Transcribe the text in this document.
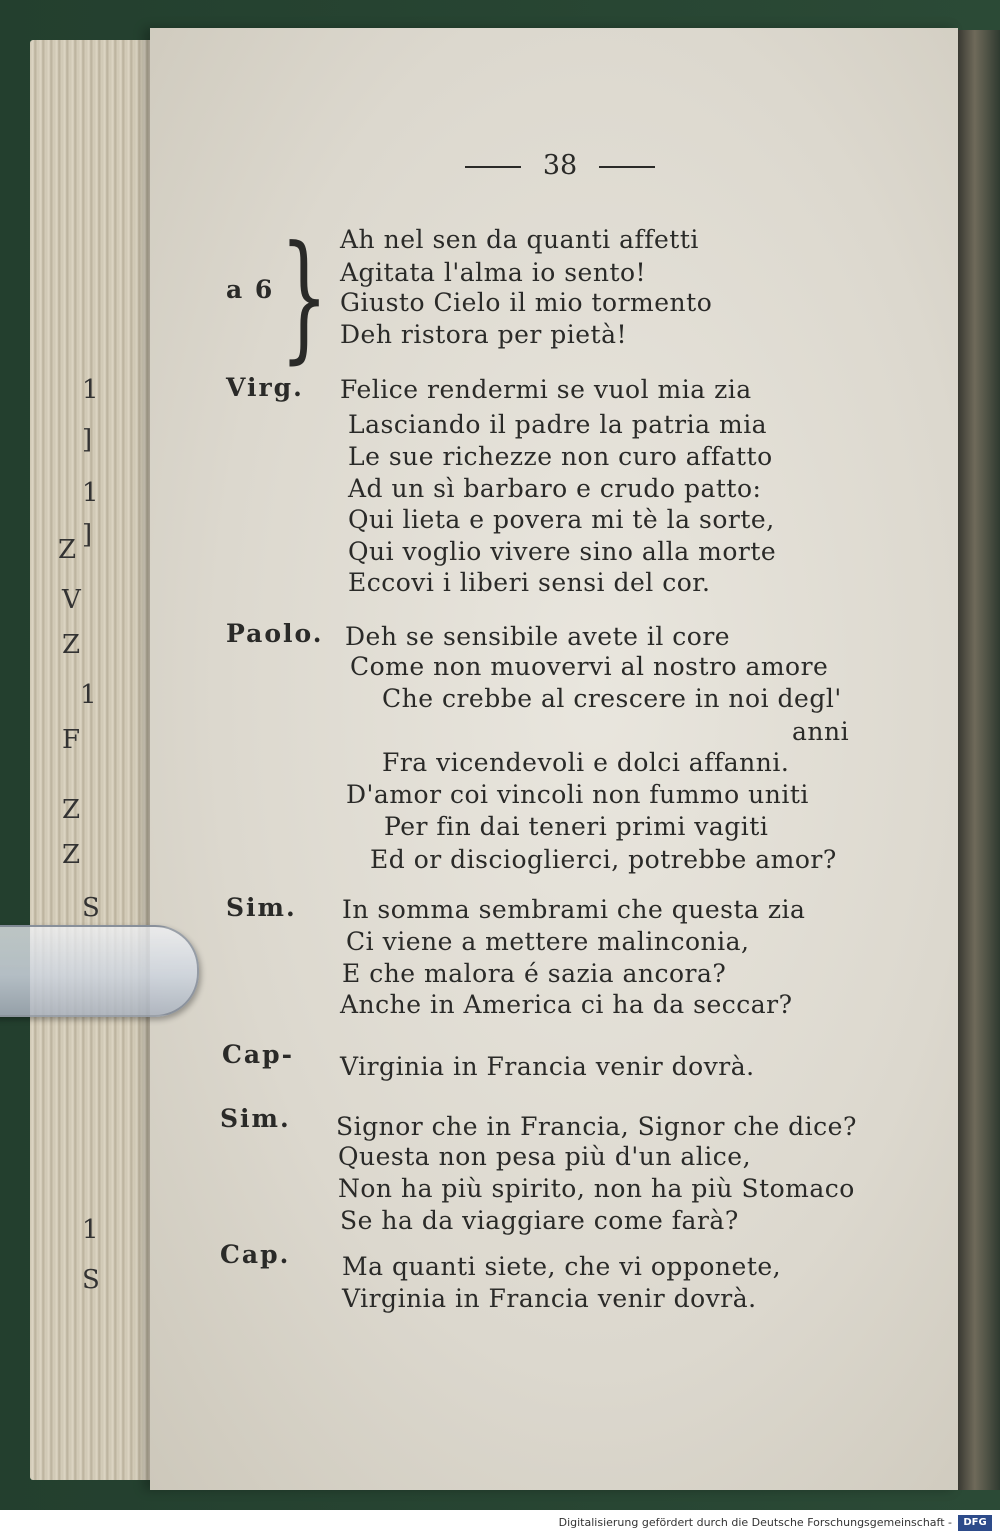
1
]
1
]
Z
V
Z
1
F
Z
Z
S
1
S
38
}
a 6
Ah nel sen da quanti affetti
Agitata l'alma io sento!
Giusto Cielo il mio tormento
Deh ristora per pietà!
Virg. Felice rendermi se vuol mia zia
Lasciando il padre la patria mia
Le sue richezze non curo affatto
Ad un sì barbaro e crudo patto:
Qui lieta e povera mi tè la sorte,
Qui voglio vivere sino alla morte
Eccovi i liberi sensi del cor.
Paolo. Deh se sensibile avete il core
Come non muovervi al nostro amore
Che crebbe al crescere in noi degl'
anni
Fra vicendevoli e dolci affanni.
D'amor coi vincoli non fummo uniti
Per fin dai teneri primi vagiti
Ed or discioglierci, potrebbe amor?
Sim. In somma sembrami che questa zia
Ci viene a mettere malinconia,
E che malora é sazia ancora?
Anche in America ci ha da seccar?
Cap- Virginia in Francia venir dovrà.
Sim. Signor che in Francia, Signor che dice?
Questa non pesa più d'un alice,
Non ha più spirito, non ha più Stomaco
Se ha da viaggiare come farà?
Cap. Ma quanti siete, che vi opponete,
Virginia in Francia venir dovrà.
Digitalisierung gefördert durch die Deutsche Forschungsgemeinschaft -	DFG
